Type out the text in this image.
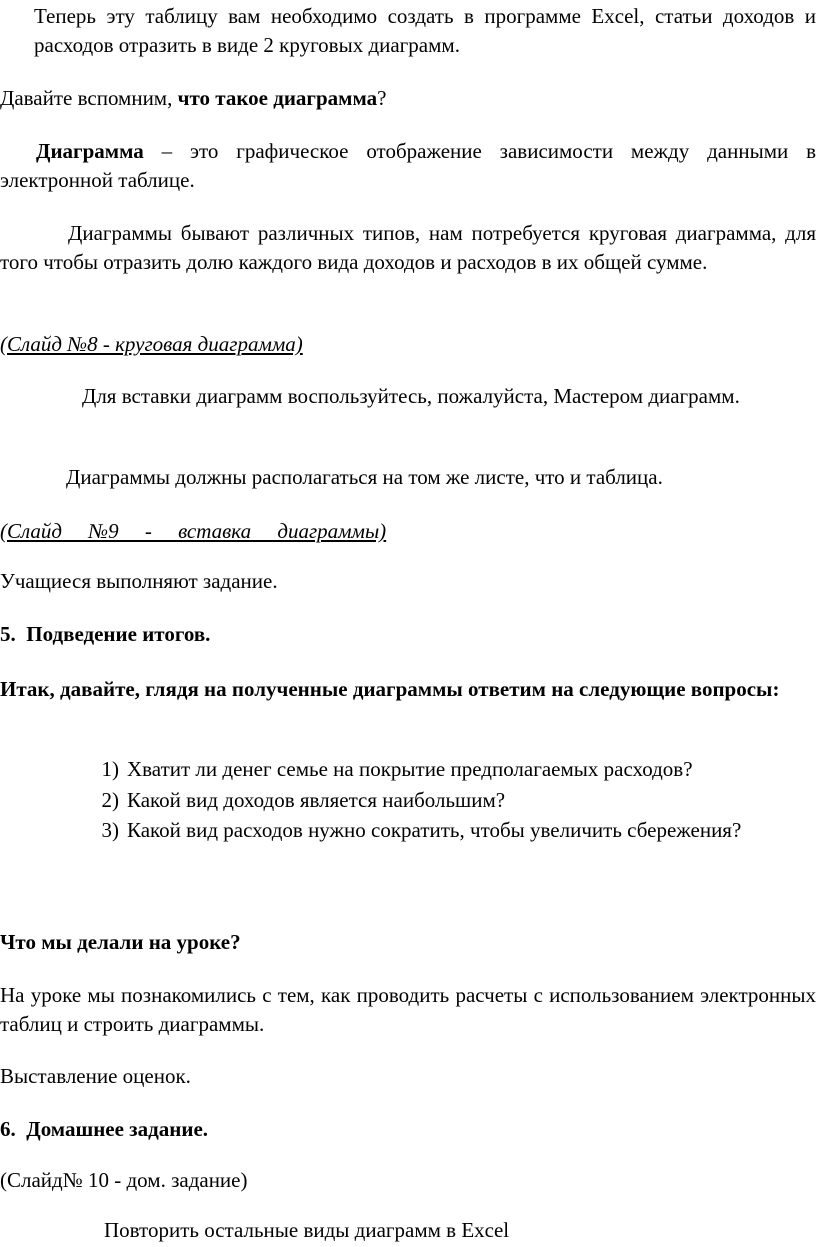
Теперь эту таблицу вам необходимо создать в программе Excel, статьи доходов и расходов отразить в виде 2 круговых диаграмм.

Давайте вспомним, что такое диаграмма?

Диаграмма – это графическое отображение зависимости между данными в электронной таблице.

Диаграммы бывают различных типов, нам потребуется круговая диаграмма, для того чтобы отразить долю каждого вида доходов и расходов в их общей сумме.

(Слайд №8 - круговая диаграмма)

Для вставки диаграмм воспользуйтесь, пожалуйста, Мастером диаграмм.

Диаграммы должны располагаться на том же листе, что и таблица.

(Слайд     №9     -     вставка     диаграммы)

Учащиеся выполняют задание.

5.  Подведение итогов.

Итак, давайте, глядя на полученные диаграммы ответим на следующие вопросы:

1) Хватит ли денег семье на покрытие предполагаемых расходов?

2) Какой вид доходов является наибольшим?

3) Какой вид расходов нужно сократить, чтобы увеличить сбережения?

Что мы делали на уроке?

На уроке мы познакомились с тем, как проводить расчеты с использованием электронных таблиц и строить диаграммы.

Выставление оценок.

6.  Домашнее задание.

(Слайд№ 10 - дом. задание)

Повторить остальные виды диаграмм в Excel
